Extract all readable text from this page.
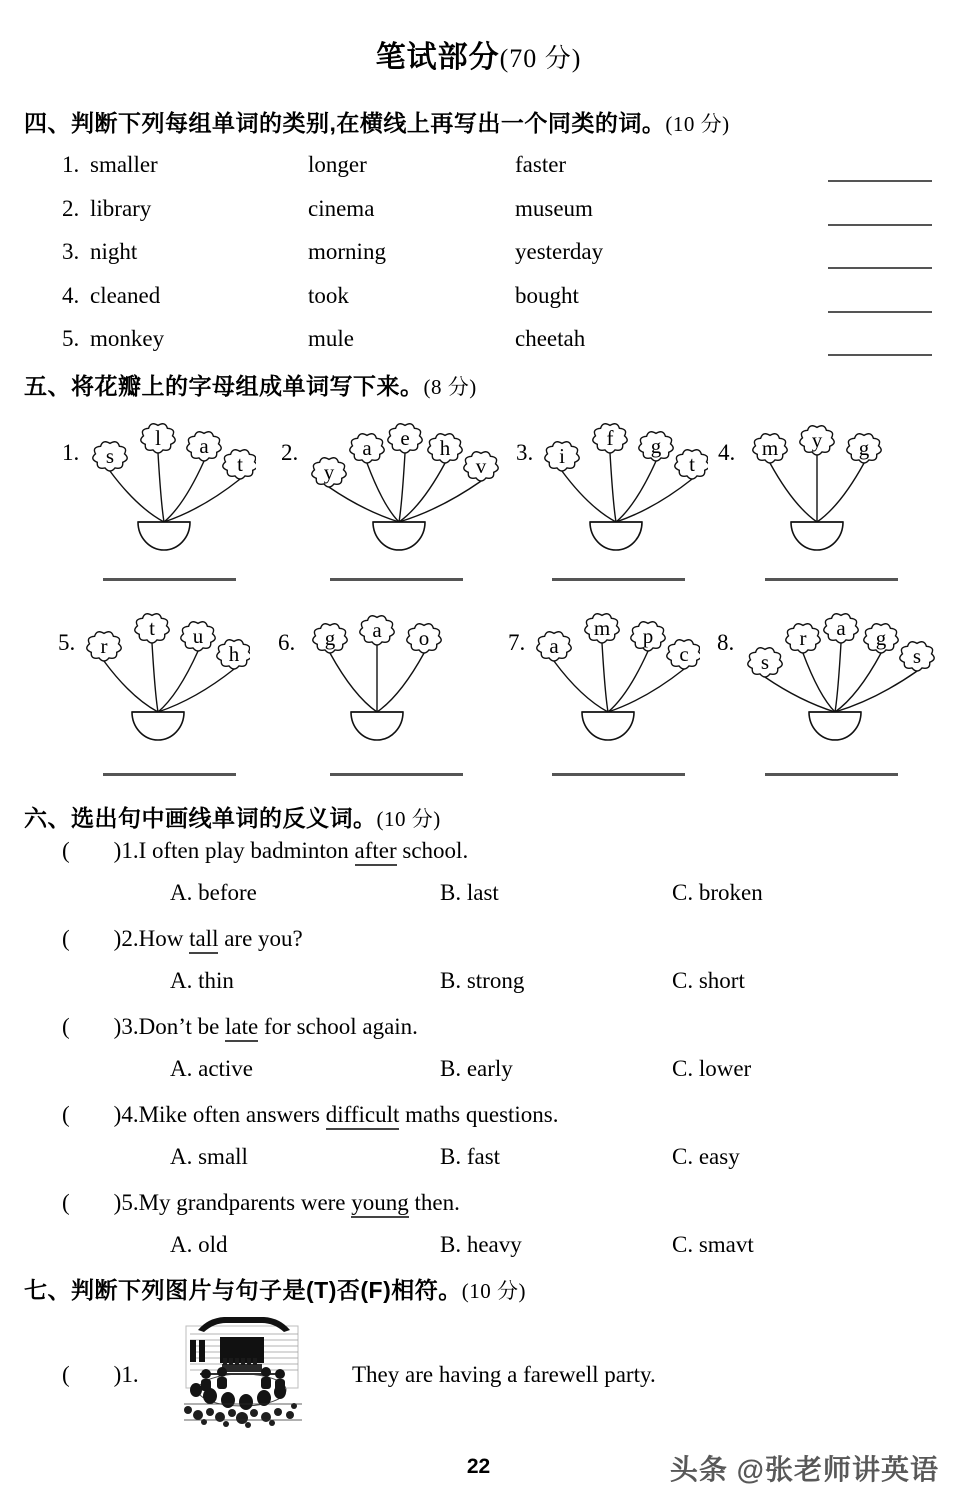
笔试部分(70 分)
四、判断下列每组单词的类别,在横线上再写出一个同类的词。(10 分)
1. smaller	longer	faster
2. library	cinema	museum
3. night	morning	yesterday
4. cleaned	took	bought
5. monkey	mule	cheetah
五、将花瓣上的字母组成单词写下来。(8 分)
1. s
l a
t 2.
y
a e h
v
3. i
f g
t 4. m y g
5. r
t u
h 6. g a o	7. a
m p
c 8.
s
r a g
s
六、选出句中画线单词的反义词。(10 分)
( )1.I often play badminton after school.
A. before	B. last	C. broken
( )2.How tall are you?
A. thin	B. strong	C. short
( )3.Don’t be late for school again.
A. active	B. early	C. lower
( )4.Mike often answers difficult maths questions.
A. small	B. fast	C. easy
( )5.My grandparents were young then.
A. old	B. heavy	C. smavt
七、判断下列图片与句子是(T)否(F)相符。(10 分)
( )1.	They are having a farewell party.
22	头条 @张老师讲英语
